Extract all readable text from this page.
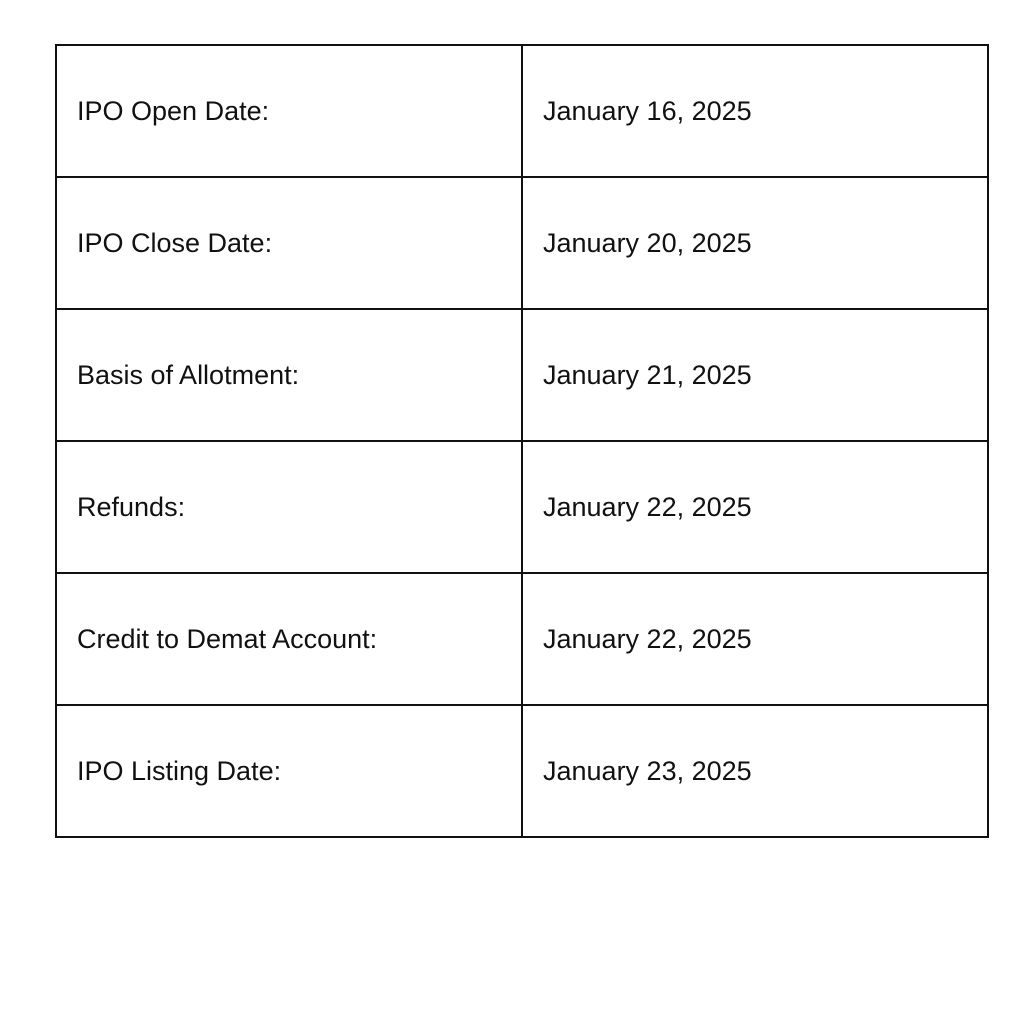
IPO Open Date:	January 16, 2025
IPO Close Date:	January 20, 2025
Basis of Allotment:	January 21, 2025
Refunds:	January 22, 2025
Credit to Demat Account:	January 22, 2025
IPO Listing Date:	January 23, 2025
